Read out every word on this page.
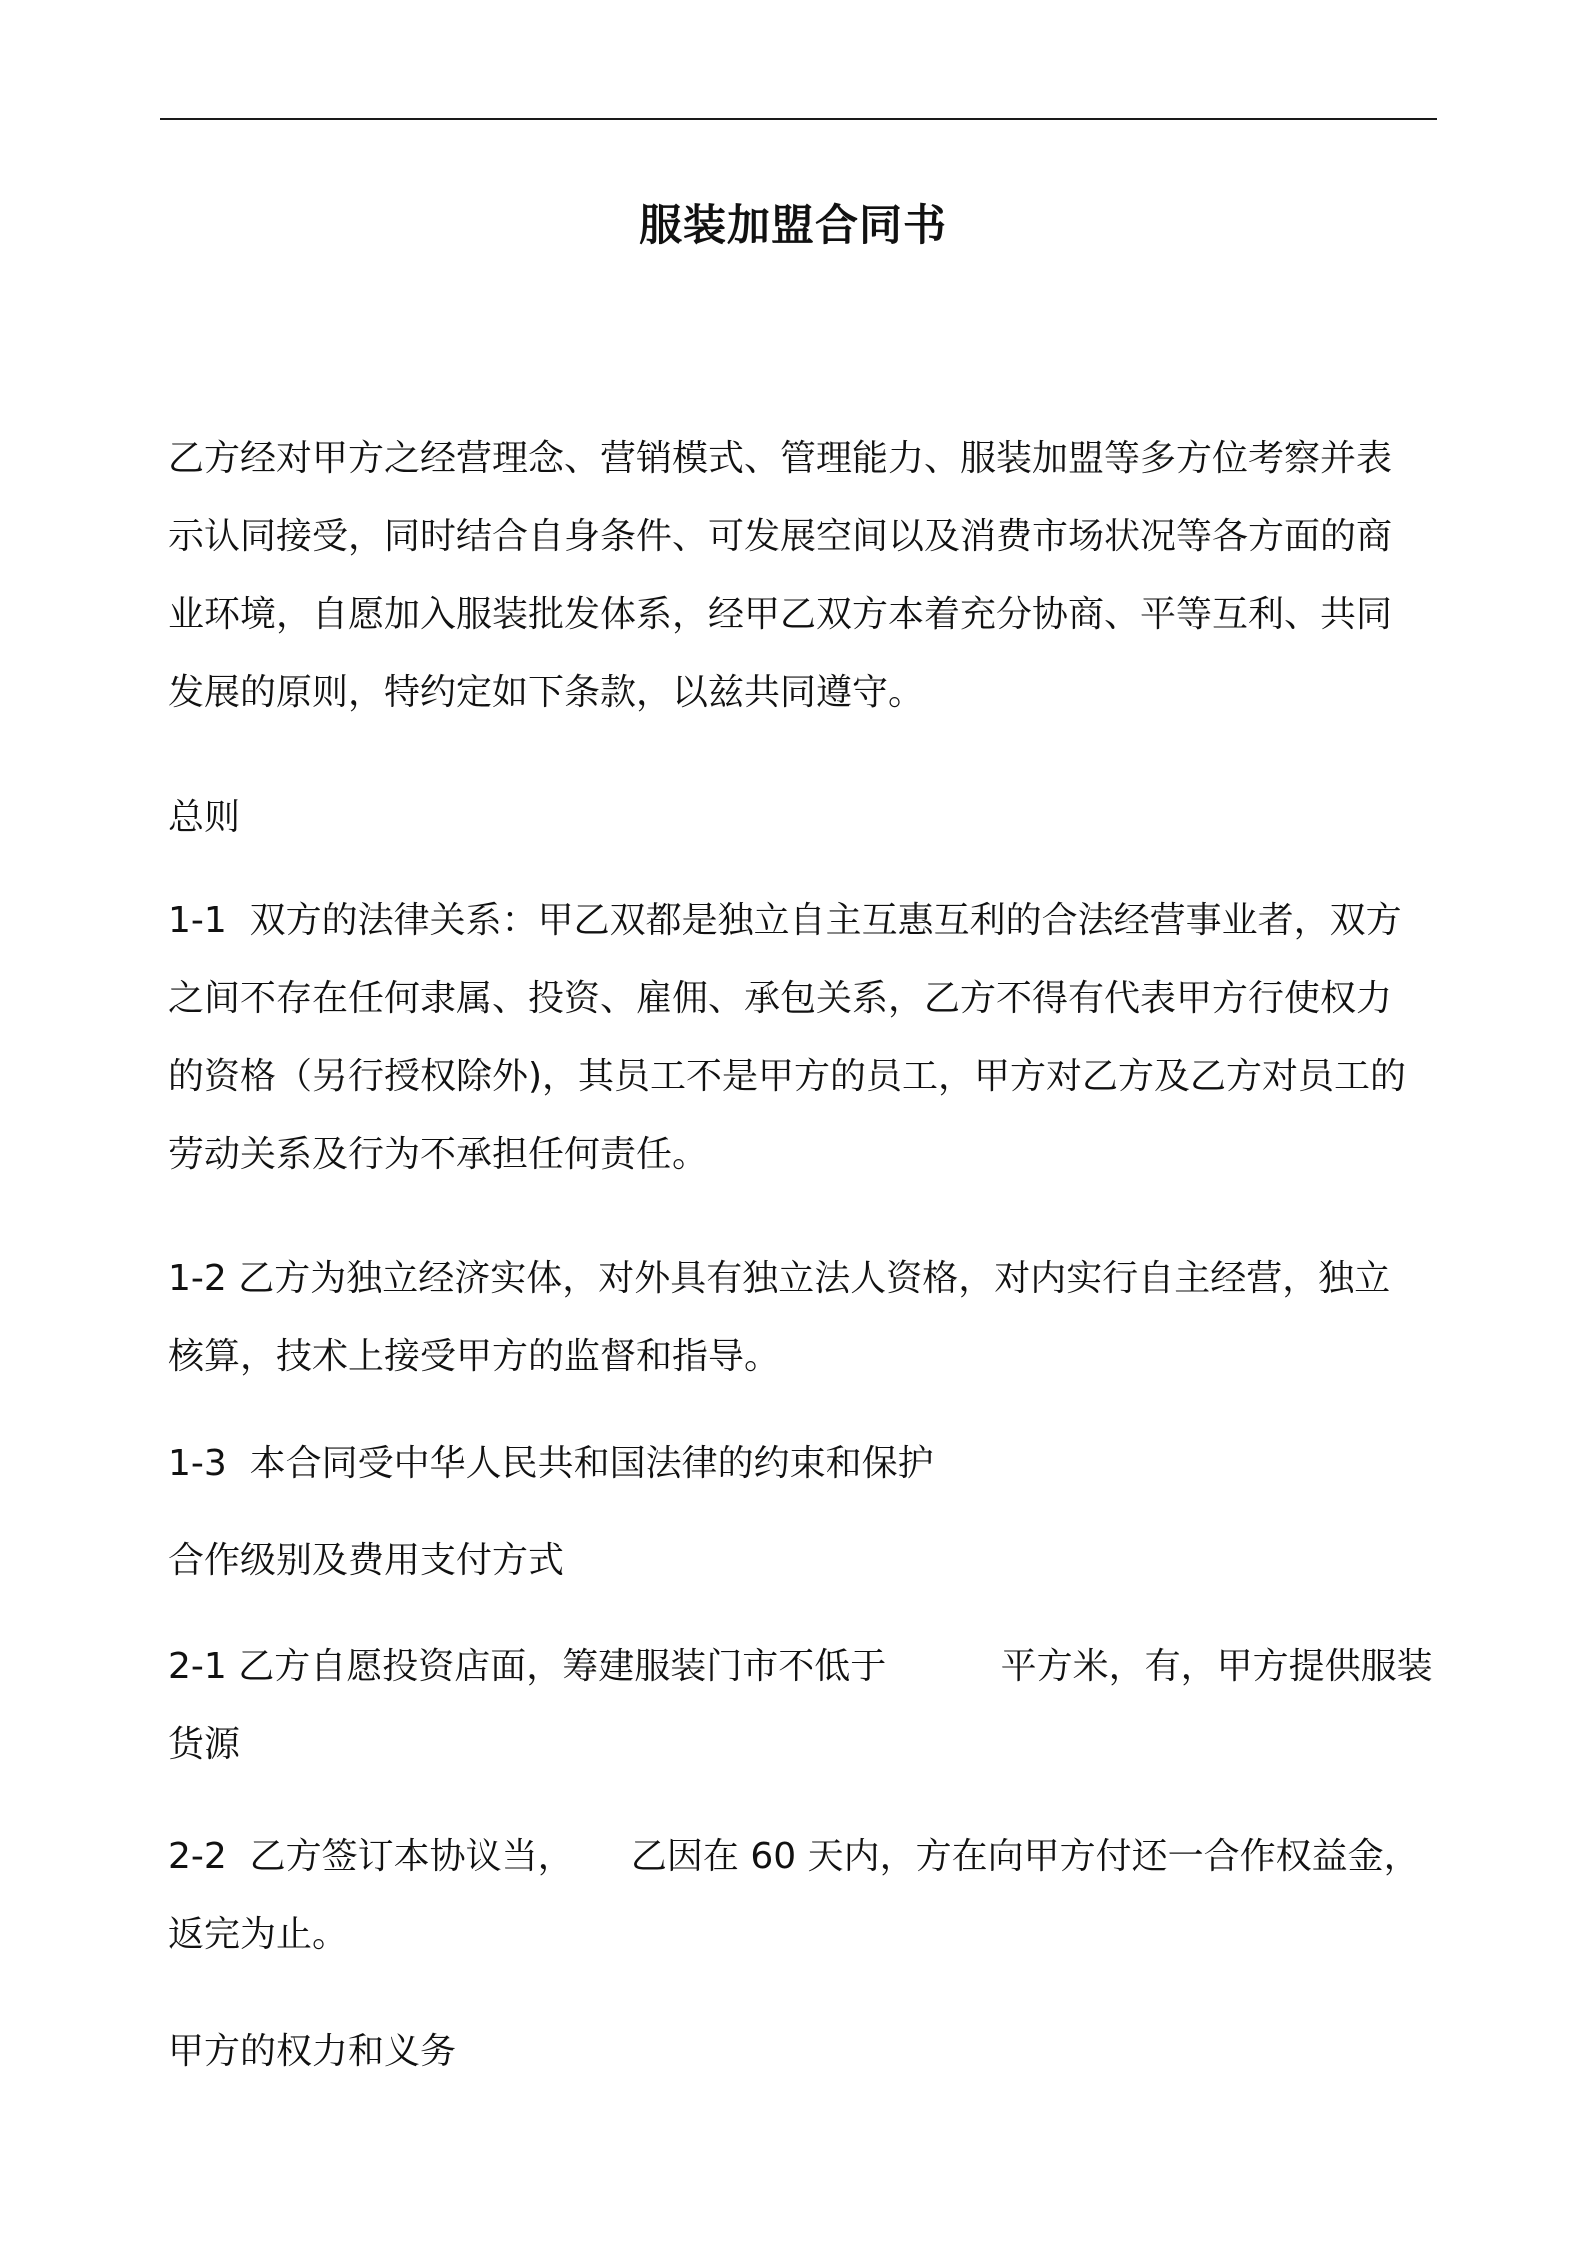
服装加盟合同书
乙方经对甲方之经营理念、营销模式、管理能力、服装加盟等多方位考察并表
示认同接受，同时结合自身条件、可发展空间以及消费市场状况等各方面的商
业环境，自愿加入服装批发体系，经甲乙双方本着充分协商、平等互利、共同
发展的原则，特约定如下条款，以兹共同遵守。
总则
1-1  双方的法律关系：甲乙双都是独立自主互惠互利的合法经营事业者，双方
之间不存在任何隶属、投资、雇佣、承包关系，乙方不得有代表甲方行使权力
的资格（另行授权除外)，其员工不是甲方的员工，甲方对乙方及乙方对员工的
劳动关系及行为不承担任何责任。
1-2 乙方为独立经济实体，对外具有独立法人资格，对内实行自主经营，独立
核算，技术上接受甲方的监督和指导。
1-3  本合同受中华人民共和国法律的约束和保护
合作级别及费用支付方式
2-1 乙方自愿投资店面，筹建服装门市不低于          平方米，有，甲方提供服装
货源
2-2  乙方签订本协议当，     乙因在 60 天内，方在向甲方付还一合作权益金，
返完为止。
甲方的权力和义务
